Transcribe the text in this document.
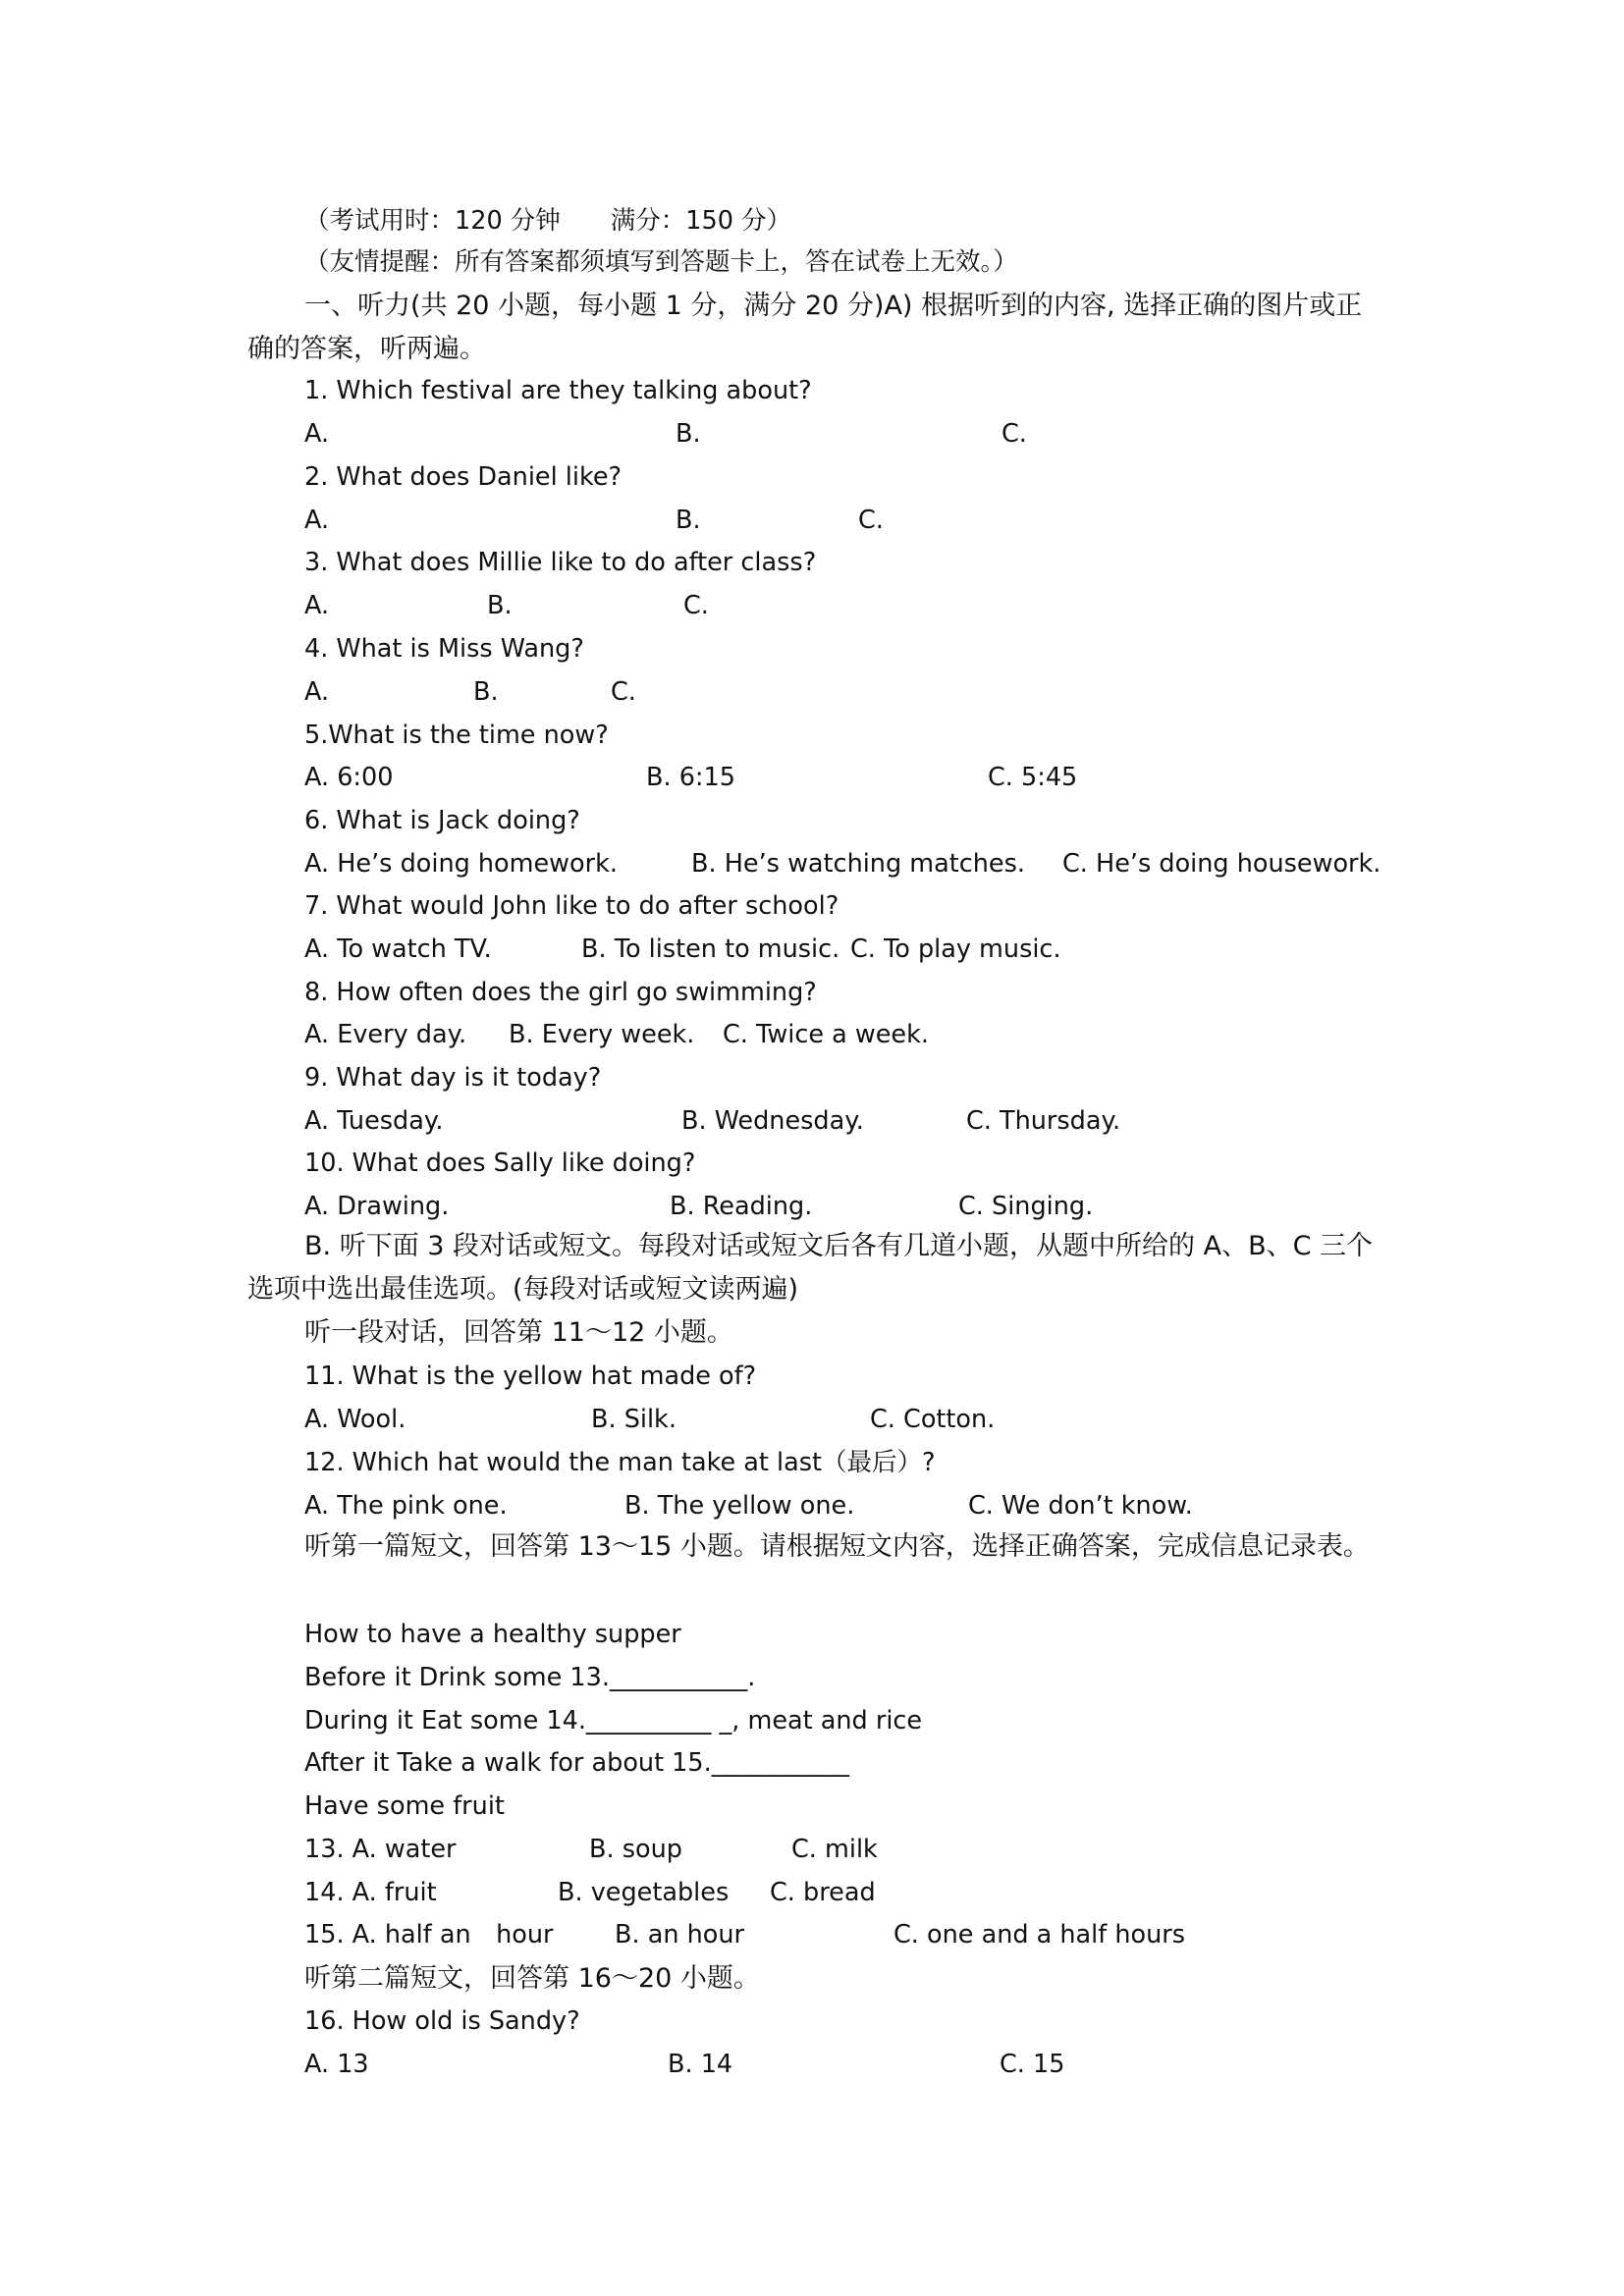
（考试用时：120 分钟　　满分：150 分）
（友情提醒：所有答案都须填写到答题卡上，答在试卷上无效。）

一、听力(共 20 小题，每小题 1 分，满分 20 分)A) 根据听到的内容, 选择正确的图片或正确的答案，听两遍。

1. Which festival are they talking about?
A.	B.	C.
2. What does Daniel like?
A.	B.	C.
3. What does Millie like to do after class?
A.	B.	C.
4. What is Miss Wang?
A.	B.	C.
5.What is the time now?
A. 6:00	B. 6:15	C. 5:45
6. What is Jack doing?
A. He’s doing homework.	B. He’s watching matches. C. He’s doing housework.
7. What would John like to do after school?
A. To watch TV.	B. To listen to music. C. To play music.
8. How often does the girl go swimming?
A. Every day. B. Every week. C. Twice a week.
9. What day is it today?
A. Tuesday.	B. Wednesday.	C. Thursday.
10. What does Sally like doing?
A. Drawing.	B. Reading.	C. Singing.

B. 听下面 3 段对话或短文。每段对话或短文后各有几道小题，从题中所给的 A、B、C 三个选项中选出最佳选项。(每段对话或短文读两遍)

听一段对话，回答第 11～12 小题。
11. What is the yellow hat made of?
A. Wool.	B. Silk.	C. Cotton.
12. Which hat would the man take at last（最后）?
A. The pink one.	B. The yellow one.	C. We don’t know.

听第一篇短文，回答第 13～15 小题。请根据短文内容，选择正确答案，完成信息记录表。

How to have a healthy supper
Before it Drink some 13.___________.
During it Eat some 14.__________ _, meat and rice
After it Take a walk for about 15.___________
Have some fruit
13. A. water	B. soup	C. milk
14. A. fruit	B. vegetables C. bread
15. A. half an　hour B. an hour	C. one and a half hours
听第二篇短文，回答第 16～20 小题。
16. How old is Sandy?
A. 13	B. 14	C. 15
